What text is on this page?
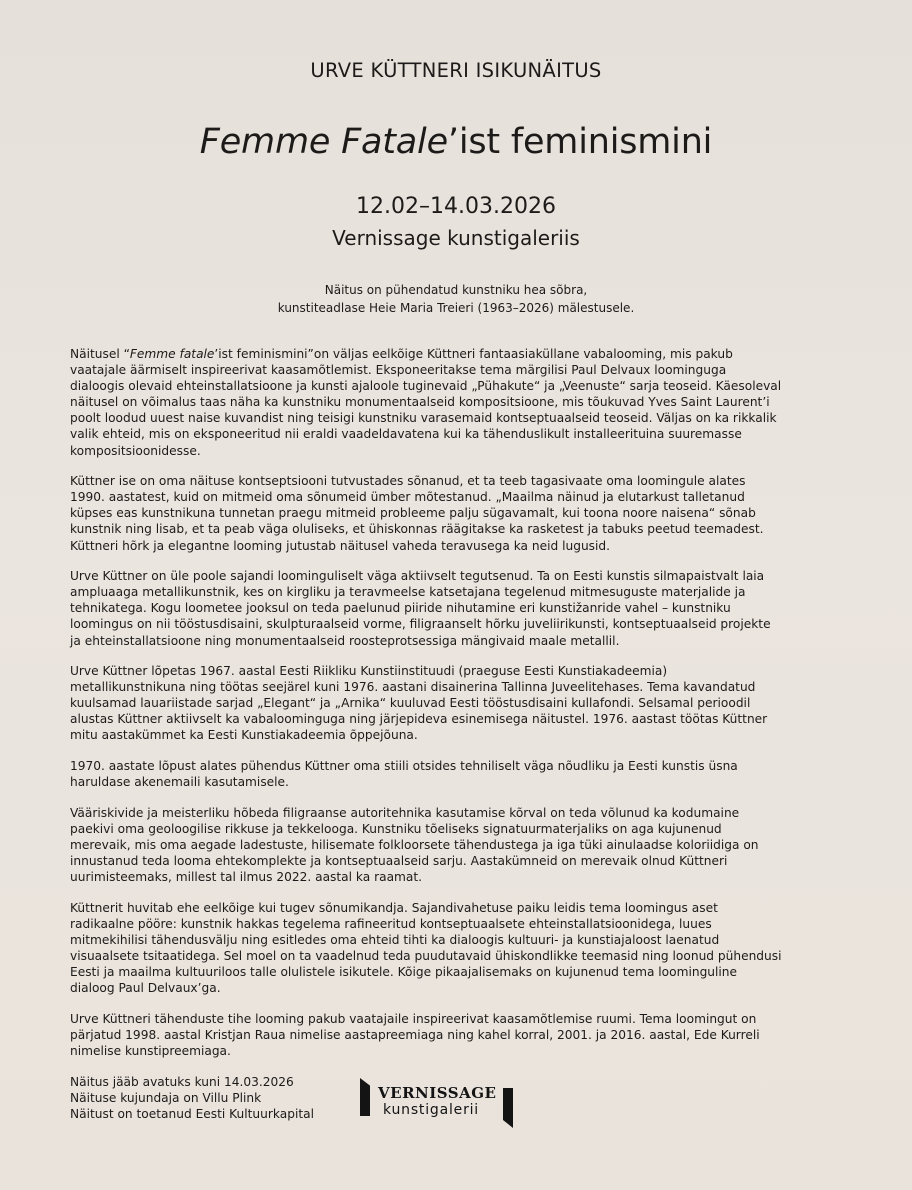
URVE KÜTTNERI ISIKUNÄITUS
Femme Fatale’ist feminismini
12.02–14.03.2026
Vernissage kunstigaleriis
Näitus on pühendatud kunstniku hea sõbra,
kunstiteadlase Heie Maria Treieri (1963–2026) mälestusele.

Näitusel “Femme fatale’ist feminismini”on väljas eelkõige Küttneri fantaasiaküllane vabalooming, mis pakub vaatajale äärmiselt inspireerivat kaasamõtlemist. Eksponeeritakse tema märgilisi Paul Delvaux loominguga dialoogis olevaid ehteinstallatsioone ja kunsti ajaloole tuginevaid „Pühakute“ ja „Veenuste“ sarja teoseid. Käesoleval näitusel on võimalus taas näha ka kunstniku monumentaalseid kompositsioone, mis tõukuvad Yves Saint Laurent’i poolt loodud uuest naise kuvandist ning teisigi kunstniku varasemaid kontseptuaalseid teoseid. Väljas on ka rikkalik valik ehteid, mis on eksponeeritud nii eraldi vaadeldavatena kui ka tähenduslikult installeerituina suuremasse kompositsioonidesse.

Küttner ise on oma näituse kontseptsiooni tutvustades sõnanud, et ta teeb tagasivaate oma loomingule alates 1990. aastatest, kuid on mitmeid oma sõnumeid ümber mõtestanud. „Maailma näinud ja elutarkust talletanud küpses eas kunstnikuna tunnetan praegu mitmeid probleeme palju sügavamalt, kui toona noore naisena“ sõnab kunstnik ning lisab, et ta peab väga oluliseks, et ühiskonnas räägitakse ka rasketest ja tabuks peetud teemadest. Küttneri hõrk ja elegantne looming jutustab näitusel vaheda teravusega ka neid lugusid.

Urve Küttner on üle poole sajandi loominguliselt väga aktiivselt tegutsenud. Ta on Eesti kunstis silmapaistvalt laia ampluaaga metallikunstnik, kes on kirgliku ja teravmeelse katsetajana tegelenud mitmesuguste materjalide ja tehnikatega. Kogu loometee jooksul on teda paelunud piiride nihutamine eri kunstižanride vahel – kunstniku loomingus on nii tööstusdisaini, skulpturaalseid vorme, filigraanselt hõrku juveliirikunsti, kontseptuaalseid projekte ja ehteinstallatsioone ning monumentaalseid roosteprotsessiga mängivaid maale metallil.

Urve Küttner lõpetas 1967. aastal Eesti Riikliku Kunstiinstituudi (praeguse Eesti Kunstiakadeemia) metallikunstnikuna ning töötas seejärel kuni 1976. aastani disainerina Tallinna Juveelitehases. Tema kavandatud kuulsamad lauariistade sarjad „Elegant“ ja „Arnika“ kuuluvad Eesti tööstusdisaini kullafondi. Selsamal perioodil alustas Küttner aktiivselt ka vabaloominguga ning järjepideva esinemisega näitustel. 1976. aastast töötas Küttner mitu aastakümmet ka Eesti Kunstiakadeemia õppejõuna.

1970. aastate lõpust alates pühendus Küttner oma stiili otsides tehniliselt väga nõudliku ja Eesti kunstis üsna haruldase akenemaili kasutamisele.

Vääriskivide ja meisterliku hõbeda filigraanse autoritehnika kasutamise kõrval on teda võlunud ka kodumaine paekivi oma geoloogilise rikkuse ja tekkelooga. Kunstniku tõeliseks signatuurmaterjaliks on aga kujunenud merevaik, mis oma aegade ladestuste, hilisemate folkloorsete tähendustega ja iga tüki ainulaadse koloriidiga on innustanud teda looma ehtekomplekte ja kontseptuaalseid sarju. Aastakümneid on merevaik olnud Küttneri uurimisteemaks, millest tal ilmus 2022. aastal ka raamat.

Küttnerit huvitab ehe eelkõige kui tugev sõnumikandja. Sajandivahetuse paiku leidis tema loomingus aset radikaalne pööre: kunstnik hakkas tegelema rafineeritud kontseptuaalsete ehteinstallatsioonidega, luues mitmekihilisi tähendusvälju ning esitledes oma ehteid tihti ka dialoogis kultuuri- ja kunstiajaloost laenatud visuaalsete tsitaatidega. Sel moel on ta vaadelnud teda puudutavaid ühiskondlikke teemasid ning loonud pühendusi Eesti ja maailma kultuuriloos talle olulistele isikutele. Kõige pikaajalisemaks on kujunenud tema loominguline dialoog Paul Delvaux’ga.

Urve Küttneri tähenduste tihe looming pakub vaatajaile inspireerivat kaasamõtlemise ruumi. Tema loomingut on pärjatud 1998. aastal Kristjan Raua nimelise aastapreemiaga ning kahel korral, 2001. ja 2016. aastal, Ede Kurreli nimelise kunstipreemiaga.

Näitus jääb avatuks kuni 14.03.2026
Näituse kujundaja on Villu Plink
Näitust on toetanud Eesti Kultuurkapital
VERNISSAGE
kunstigalerii
